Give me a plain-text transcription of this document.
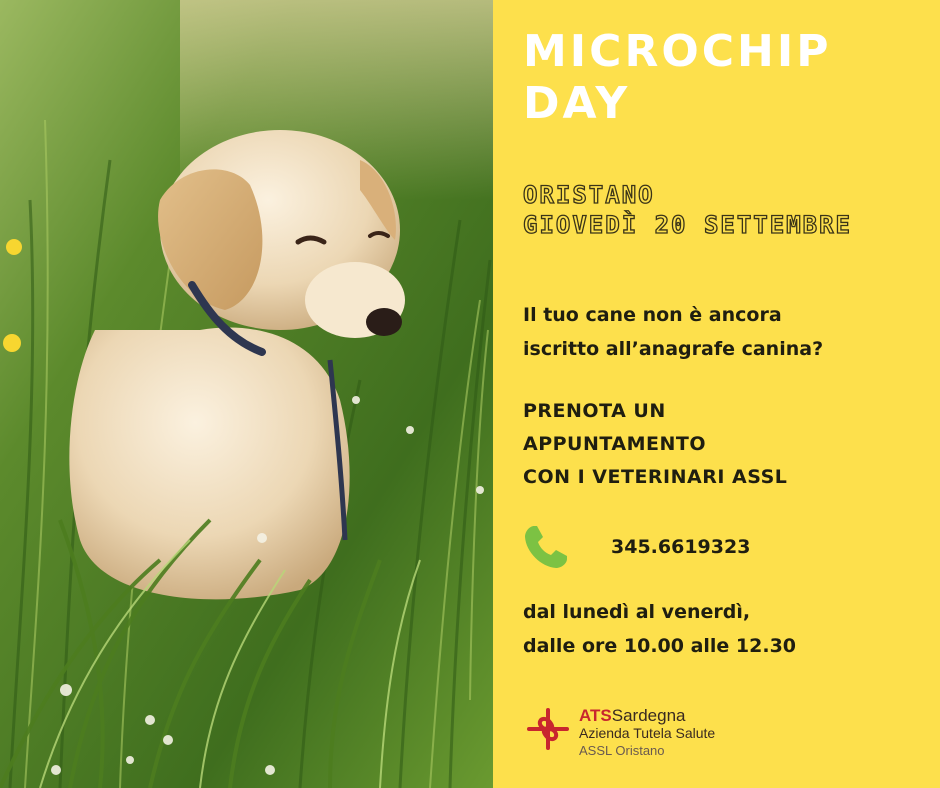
MICROCHIP
DAY
ORISTANO
GIOVEDÌ 20 SETTEMBRE

Il tuo cane non è ancora
iscritto all’anagrafe canina?

PRENOTA UN
APPUNTAMENTO
CON I VETERINARI ASSL

345.6619323

dal lunedì al venerdì,
dalle ore 10.00 alle 12.30

ATSSardegna
Azienda Tutela Salute
ASSL Oristano
